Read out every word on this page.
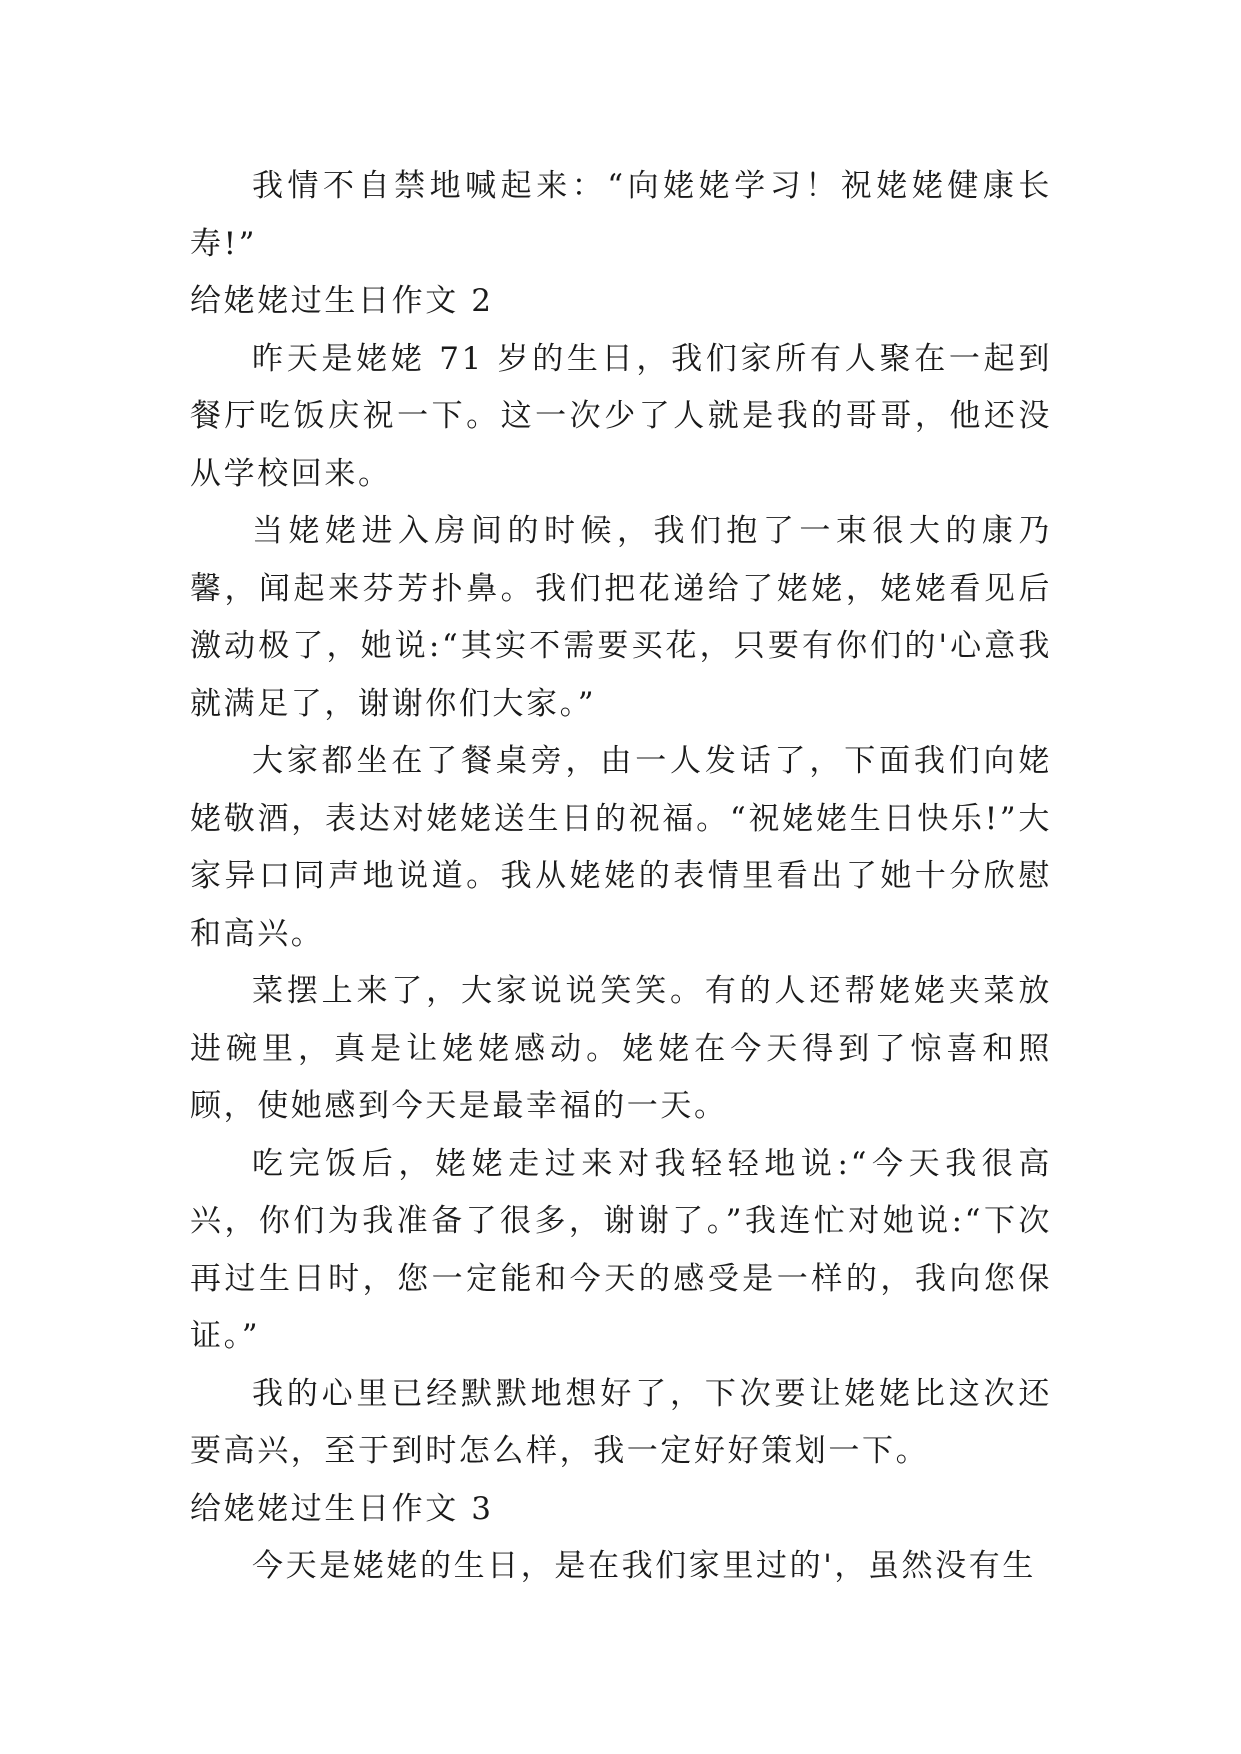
我情不自禁地喊起来：“向姥姥学习！祝姥姥健康长寿!”

给姥姥过生日作文 2

昨天是姥姥 71 岁的生日，我们家所有人聚在一起到餐厅吃饭庆祝一下。这一次少了人就是我的哥哥，他还没从学校回来。

当姥姥进入房间的时候，我们抱了一束很大的康乃馨，闻起来芬芳扑鼻。我们把花递给了姥姥，姥姥看见后激动极了，她说:“其实不需要买花，只要有你们的'心意我就满足了，谢谢你们大家。”

大家都坐在了餐桌旁，由一人发话了，下面我们向姥姥敬酒，表达对姥姥送生日的祝福。“祝姥姥生日快乐!”大家异口同声地说道。我从姥姥的表情里看出了她十分欣慰和高兴。

菜摆上来了，大家说说笑笑。有的人还帮姥姥夹菜放进碗里，真是让姥姥感动。姥姥在今天得到了惊喜和照顾，使她感到今天是最幸福的一天。

吃完饭后，姥姥走过来对我轻轻地说:“今天我很高兴，你们为我准备了很多，谢谢了。”我连忙对她说:“下次再过生日时，您一定能和今天的感受是一样的，我向您保证。”

我的心里已经默默地想好了，下次要让姥姥比这次还要高兴，至于到时怎么样，我一定好好策划一下。

给姥姥过生日作文 3

今天是姥姥的生日，是在我们家里过的'，虽然没有生
